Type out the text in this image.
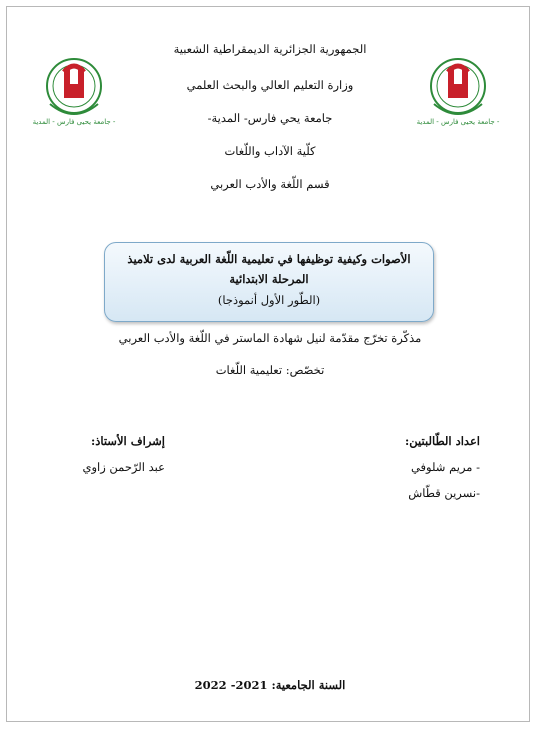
جامعة يحيى فارس - المدية -	جامعة يحيى فارس - المدية -
الجمهورية الجزائرية الديمقراطية الشعبية
وزارة التعليم العالي والبحث العلمي
جامعة يحي فارس- المدية-
كلّية الآداب واللّغات
قسم اللّغة والأدب العربي
الأصوات وكيفية توظيفها في تعليمية اللّغة العربية لدى تلاميذ المرحلة الابتدائية
(الطّور الأول أنموذجا)
مذكّرة تخرّج مقدّمة لنيل شهادة الماستر في اللّغة والأدب العربي
تخصّص: تعليمية اللّغات
اعداد الطّالبتين:
- مريم شلوفي
-نسرين قطّاش
إشراف الأستاذ:
عبد الرّحمن زاوي
السنة الجامعية: 2021- 2022
